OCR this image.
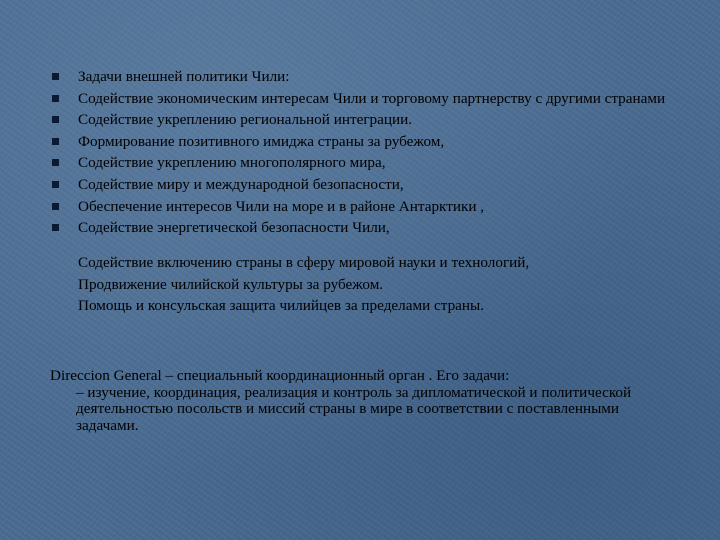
Задачи внешней политики Чили:
Содействие экономическим интересам Чили и торговому партнерству с другими странами
Содействие укреплению региональной интеграции.
Формирование позитивного имиджа страны за рубежом,
Содействие укреплению многополярного мира,
Содействие миру и международной безопасности,
Обеспечение интересов Чили на море и в районе Антарктики ,
Содействие энергетической безопасности Чили,
Содействие включению страны в сферу мировой науки и технологий,
Продвижение чилийской культуры за рубежом.
Помощь и консульская защита чилийцев за пределами страны.
Direccion General – специальный координационный орган . Его задачи:
– изучение, координация, реализация и контроль за дипломатической и политической деятельностью посольств и миссий страны в мире в соответствии с поставленными задачами.
